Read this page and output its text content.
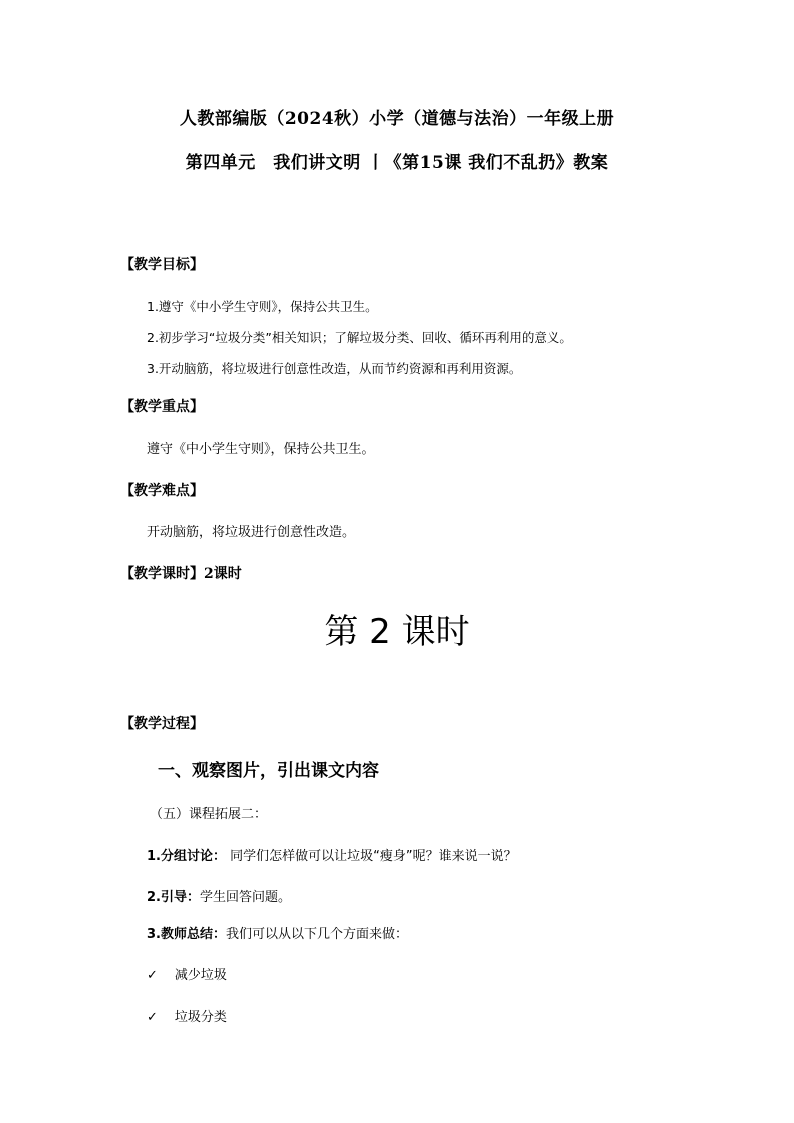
人教部编版（2024秋）小学（道德与法治）一年级上册
第四单元　我们讲文明 丨《第15课 我们不乱扔》教案
【教学目标】
1.遵守《中小学生守则》，保持公共卫生。
2.初步学习“垃圾分类”相关知识；了解垃圾分类、回收、循环再利用的意义。
3.开动脑筋，将垃圾进行创意性改造，从而节约资源和再利用资源。
【教学重点】
遵守《中小学生守则》，保持公共卫生。
【教学难点】
开动脑筋，将垃圾进行创意性改造。
【教学课时】2课时
第 2 课时
【教学过程】
一、观察图片，引出课文内容
（五）课程拓展二：
1.分组讨论： 同学们怎样做可以让垃圾“瘦身”呢？谁来说一说？
2.引导：学生回答问题。
3.教师总结：我们可以从以下几个方面来做：
✓ 减少垃圾
✓ 垃圾分类
